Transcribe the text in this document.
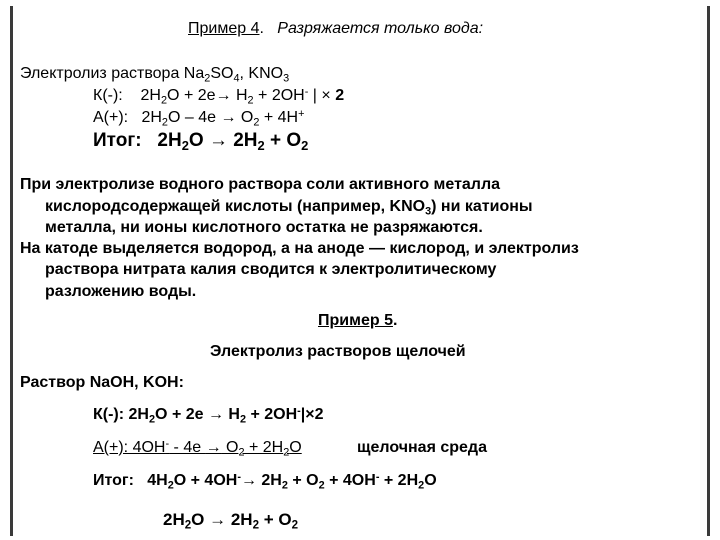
Пример 4. Разряжается только вода:
Электролиз раствора $Na_2SO_4$, $KNO_3$
К(-): $2H_2O + 2e\to H_2 + 2OH^-$ | × 2
А(+): $2H_2O - 4e \to O_2 + 4H^+$
Итог: $2H_2O \to 2H_2 + O_2$
При электролизе водного раствора соли активного металла
кислородсодержащей кислоты (например, $KNO_3$) ни катионы
металла, ни ионы кислотного остатка не разряжаются.
На катоде выделяется водород, а на аноде — кислород, и электролиз
раствора нитрата калия сводится к электролитическому
разложению воды.
Пример 5.
Электролиз растворов щелочей
Раствор NaOH, KOH:
К(-): $2H_2O + 2e \to H_2 + 2OH^-|\times 2$
А(+): $4OH^- - 4e \to O_2 + 2H_2O$	щелочная среда
Итог: $4H_2O + 4OH^-\to 2H_2 + O_2 + 4OH^- + 2H_2O$
$2H_2O \to 2H_2 + O_2$
